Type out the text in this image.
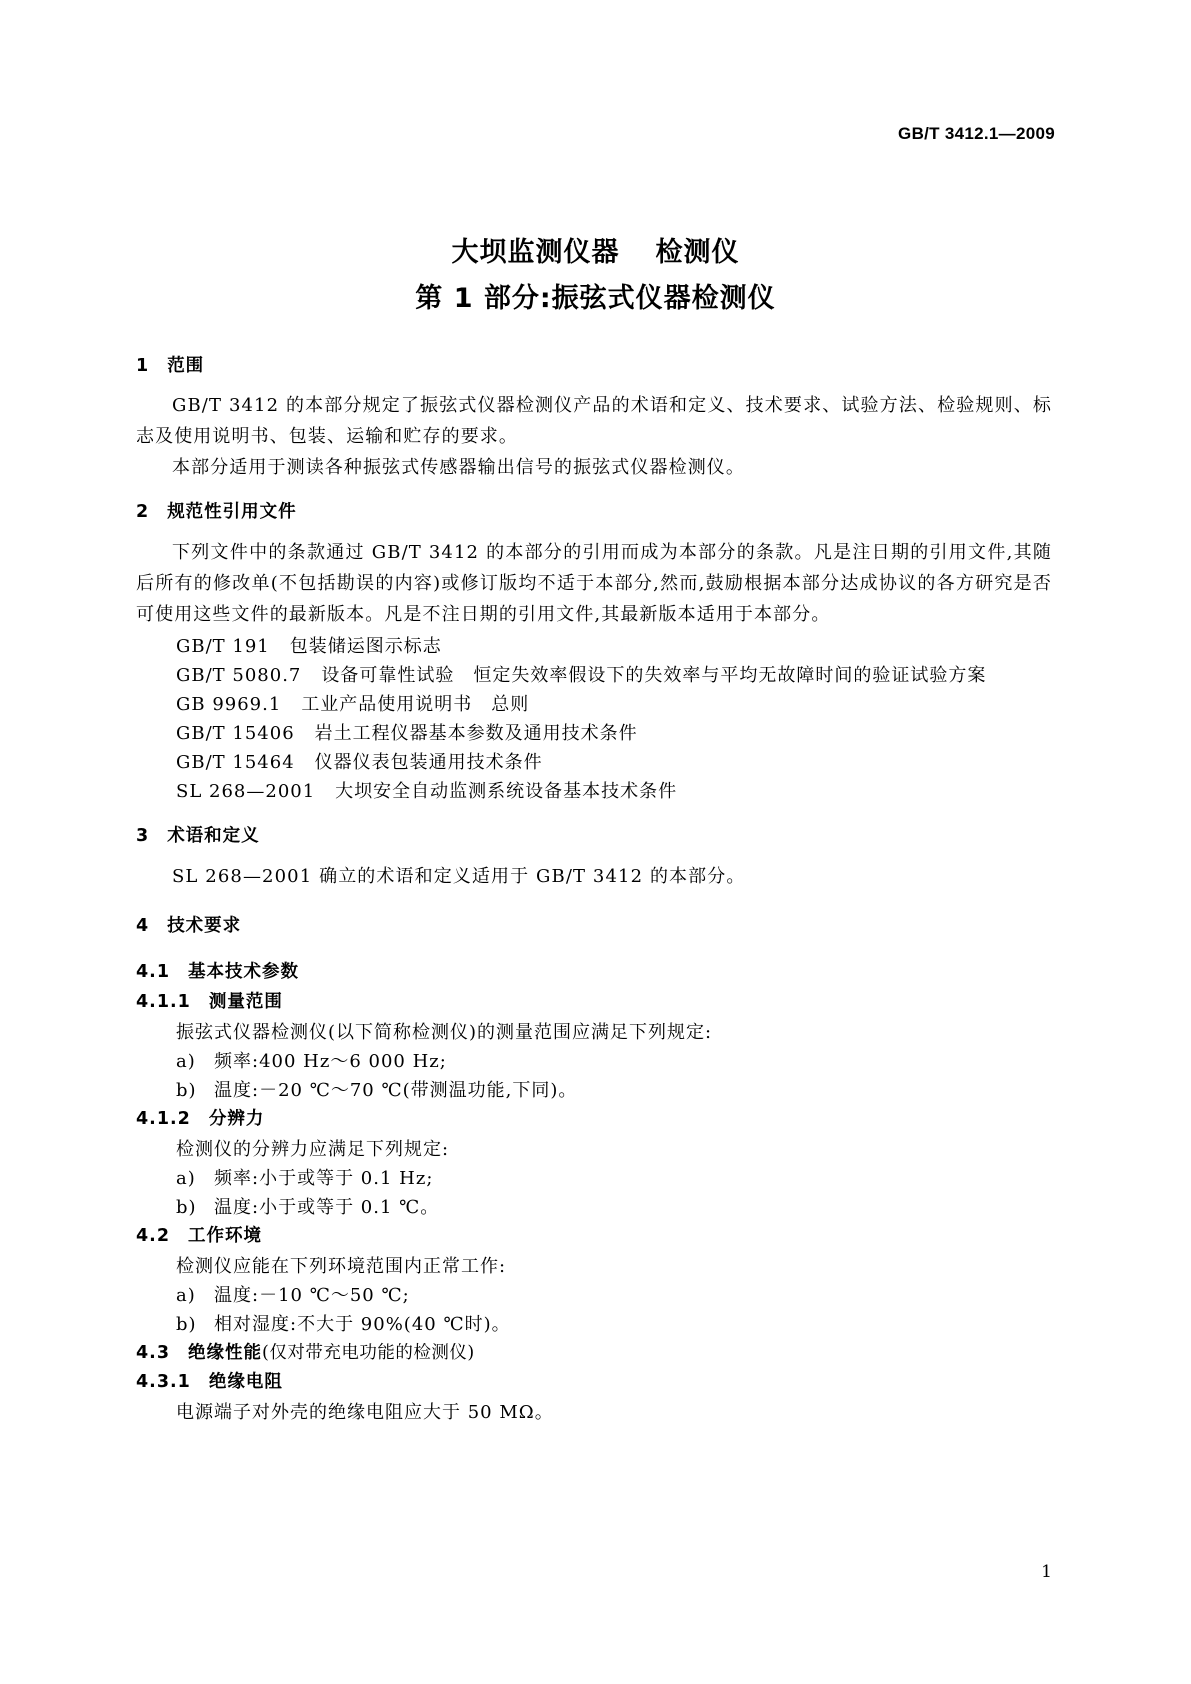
GB/T 3412.1—2009
大坝监测仪器 检测仪
第 1 部分:振弦式仪器检测仪
1 范围
GB/T 3412 的本部分规定了振弦式仪器检测仪产品的术语和定义、技术要求、试验方法、检验规则、标志及使用说明书、包装、运输和贮存的要求。
本部分适用于测读各种振弦式传感器输出信号的振弦式仪器检测仪。
2 规范性引用文件
下列文件中的条款通过 GB/T 3412 的本部分的引用而成为本部分的条款。凡是注日期的引用文件,其随后所有的修改单(不包括勘误的内容)或修订版均不适于本部分,然而,鼓励根据本部分达成协议的各方研究是否可使用这些文件的最新版本。凡是不注日期的引用文件,其最新版本适用于本部分。
GB/T 191 包装储运图示标志
GB/T 5080.7 设备可靠性试验　恒定失效率假设下的失效率与平均无故障时间的验证试验方案
GB 9969.1 工业产品使用说明书　总则
GB/T 15406 岩土工程仪器基本参数及通用技术条件
GB/T 15464 仪器仪表包装通用技术条件
SL 268—2001 大坝安全自动监测系统设备基本技术条件
3 术语和定义
SL 268—2001 确立的术语和定义适用于 GB/T 3412 的本部分。
4 技术要求
4.1 基本技术参数
4.1.1 测量范围
振弦式仪器检测仪(以下简称检测仪)的测量范围应满足下列规定:
a) 频率:400 Hz～6 000 Hz;
b) 温度:－20 ℃～70 ℃(带测温功能,下同)。
4.1.2 分辨力
检测仪的分辨力应满足下列规定:
a) 频率:小于或等于 0.1 Hz;
b) 温度:小于或等于 0.1 ℃。
4.2 工作环境
检测仪应能在下列环境范围内正常工作:
a) 温度:－10 ℃～50 ℃;
b) 相对湿度:不大于 90%(40 ℃时)。
4.3 绝缘性能(仅对带充电功能的检测仪)
4.3.1 绝缘电阻
电源端子对外壳的绝缘电阻应大于 50 MΩ。
1
